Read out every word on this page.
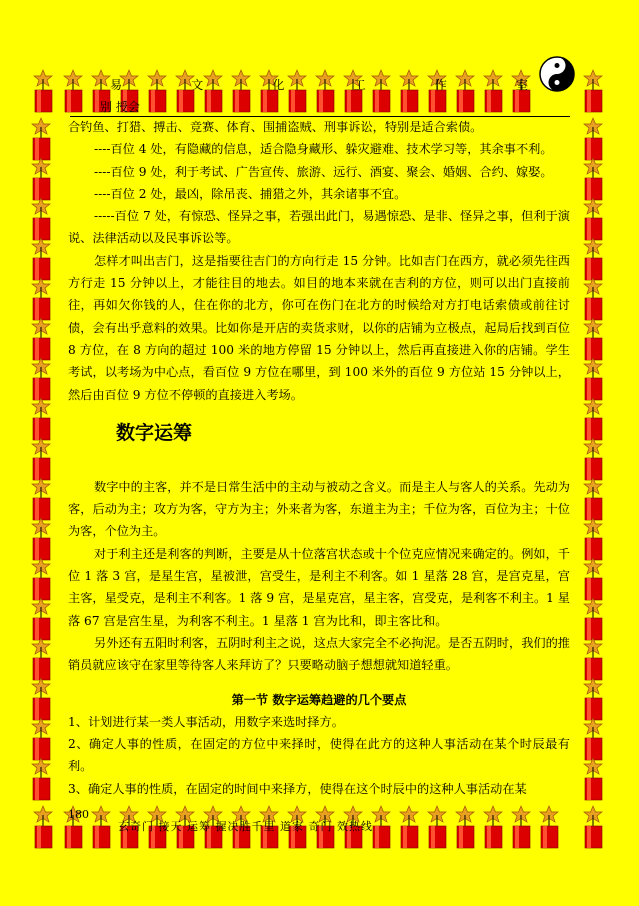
易	文	化	工	作	室
别 授会

合钓鱼、打猎、搏击、竞赛、体育、围捕盗贼、刑事诉讼，特别是适合索债。

----百位 4 处，有隐藏的信息，适合隐身藏形、躲灾避难、技术学习等，其余事不利。

----百位 9 处，利于考试、广告宣传、旅游、远行、酒宴、聚会、婚姻、合约、嫁娶。

----百位 2 处，最凶，除吊丧、捕猎之外，其余诸事不宜。

-----百位 7 处，有惊恐、怪异之事，若强出此门，易遇惊恐、是非、怪异之事，但利于演说、法律活动以及民事诉讼等。

怎样才叫出吉门，这是指要往吉门的方向行走 15 分钟。比如吉门在西方，就必须先往西方行走 15 分钟以上，才能往目的地去。如目的地本来就在吉利的方位，则可以出门直接前往，再如欠你钱的人，住在你的北方，你可在伤门在北方的时候给对方打电话索债或前往讨债，会有出乎意料的效果。比如你是开店的卖货求财，以你的店铺为立极点，起局后找到百位 8 方位，在 8 方向的超过 100 米的地方停留 15 分钟以上，然后再直接进入你的店铺。学生考试，以考场为中心点，看百位 9 方位在哪里，到 100 米外的百位 9 方位站 15 分钟以上，然后由百位 9 方位不停顿的直接进入考场。

数字运筹

数字中的主客，并不是日常生活中的主动与被动之含义。而是主人与客人的关系。先动为客，后动为主；攻方为客，守方为主；外来者为客，东道主为主；千位为客，百位为主；十位为客，个位为主。

对于利主还是利客的判断，主要是从十位落宫状态或十个位克应情况来确定的。例如，千位 1 落 3 宫，是星生宫，星被泄，宫受生，是利主不利客。如 1 星落 28 宫，是宫克星，宫主客，星受克，是利主不利客。1 落 9 宫，是星克宫，星主客，宫受克，是利客不利主。1 星落 67 宫是宫生星，为利客不利主。1 星落 1 宫为比和，即主客比和。

另外还有五阳时利客，五阴时利主之说，这点大家完全不必拘泥。是否五阴时，我们的推销员就应该守在家里等待客人来拜访了？只要略动脑子想想就知道轻重。

第一节 数字运筹趋避的几个要点

1、计划进行某一类人事活动，用数字来选时择方。

2、确定人事的性质，在固定的方位中来择时，使得在此方的这种人事活动在某个时辰最有利。

3、确定人事的性质，在固定的时间中来择方，使得在这个时辰中的这种人事活动在某

180
玄奇门 接天 运筹 握决胜千里 道家 奇门 效热线
